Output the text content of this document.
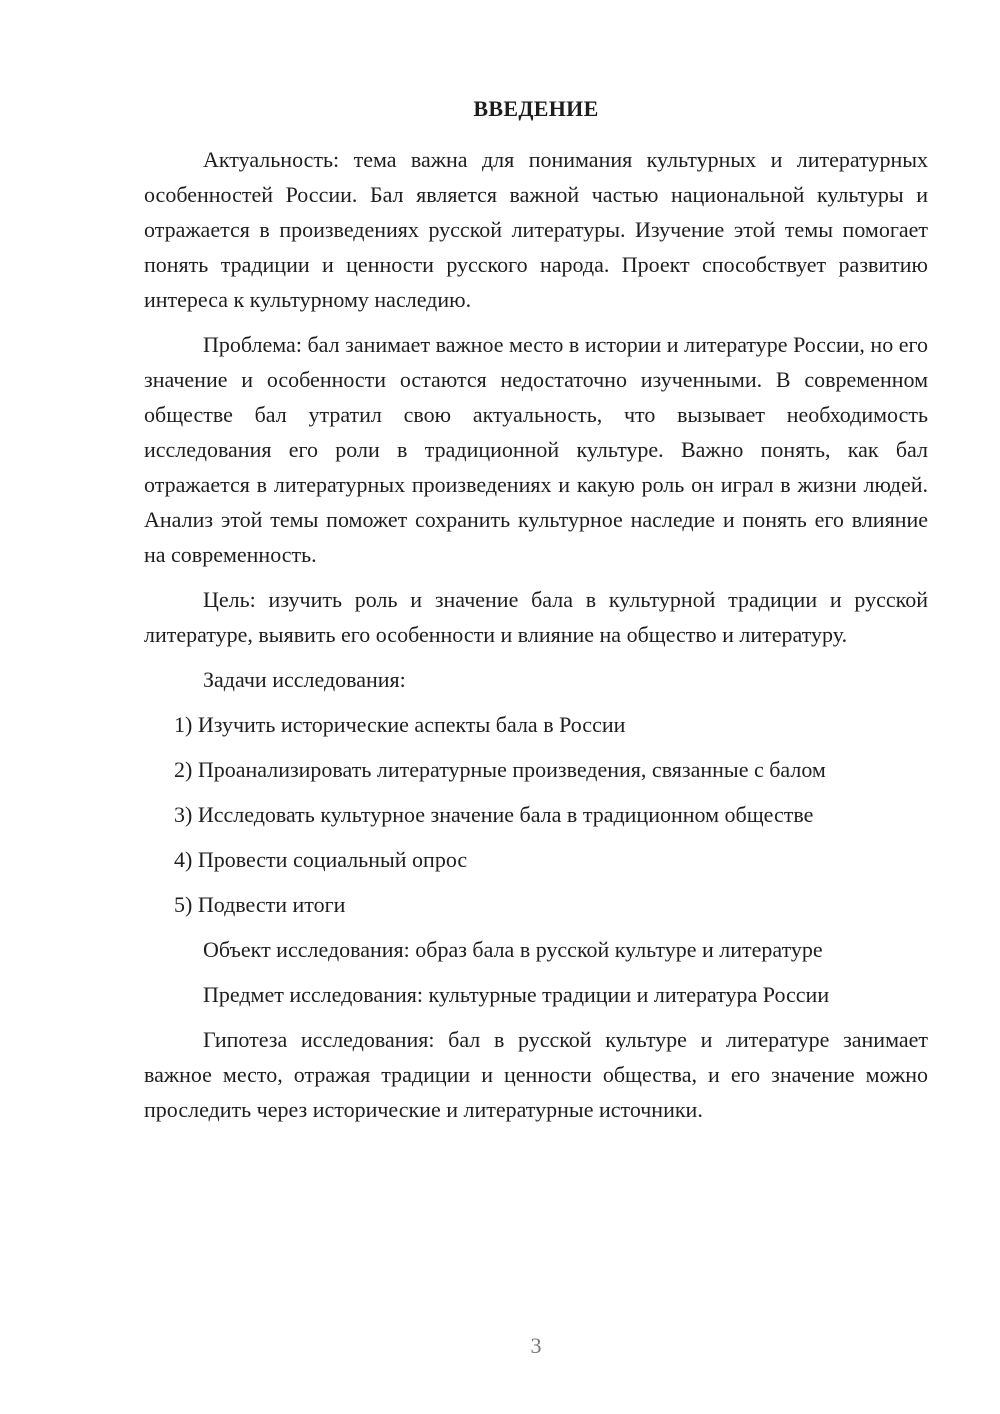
ВВЕДЕНИЕ

Актуальность: тема важна для понимания культурных и литературных особенностей России. Бал является важной частью национальной культуры и отражается в произведениях русской литературы. Изучение этой темы помогает понять традиции и ценности русского народа. Проект способствует развитию интереса к культурному наследию.

Проблема: бал занимает важное место в истории и литературе России, но его значение и особенности остаются недостаточно изученными. В современном обществе бал утратил свою актуальность, что вызывает необходимость исследования его роли в традиционной культуре. Важно понять, как бал отражается в литературных произведениях и какую роль он играл в жизни людей. Анализ этой темы поможет сохранить культурное наследие и понять его влияние на современность.

Цель: изучить роль и значение бала в культурной традиции и русской литературе, выявить его особенности и влияние на общество и литературу.

Задачи исследования:

1) Изучить исторические аспекты бала в России
2) Проанализировать литературные произведения, связанные с балом
3) Исследовать культурное значение бала в традиционном обществе
4) Провести социальный опрос
5) Подвести итоги

Объект исследования: образ бала в русской культуре и литературе

Предмет исследования: культурные традиции и литература России

Гипотеза исследования: бал в русской культуре и литературе занимает важное место, отражая традиции и ценности общества, и его значение можно проследить через исторические и литературные источники.

3
